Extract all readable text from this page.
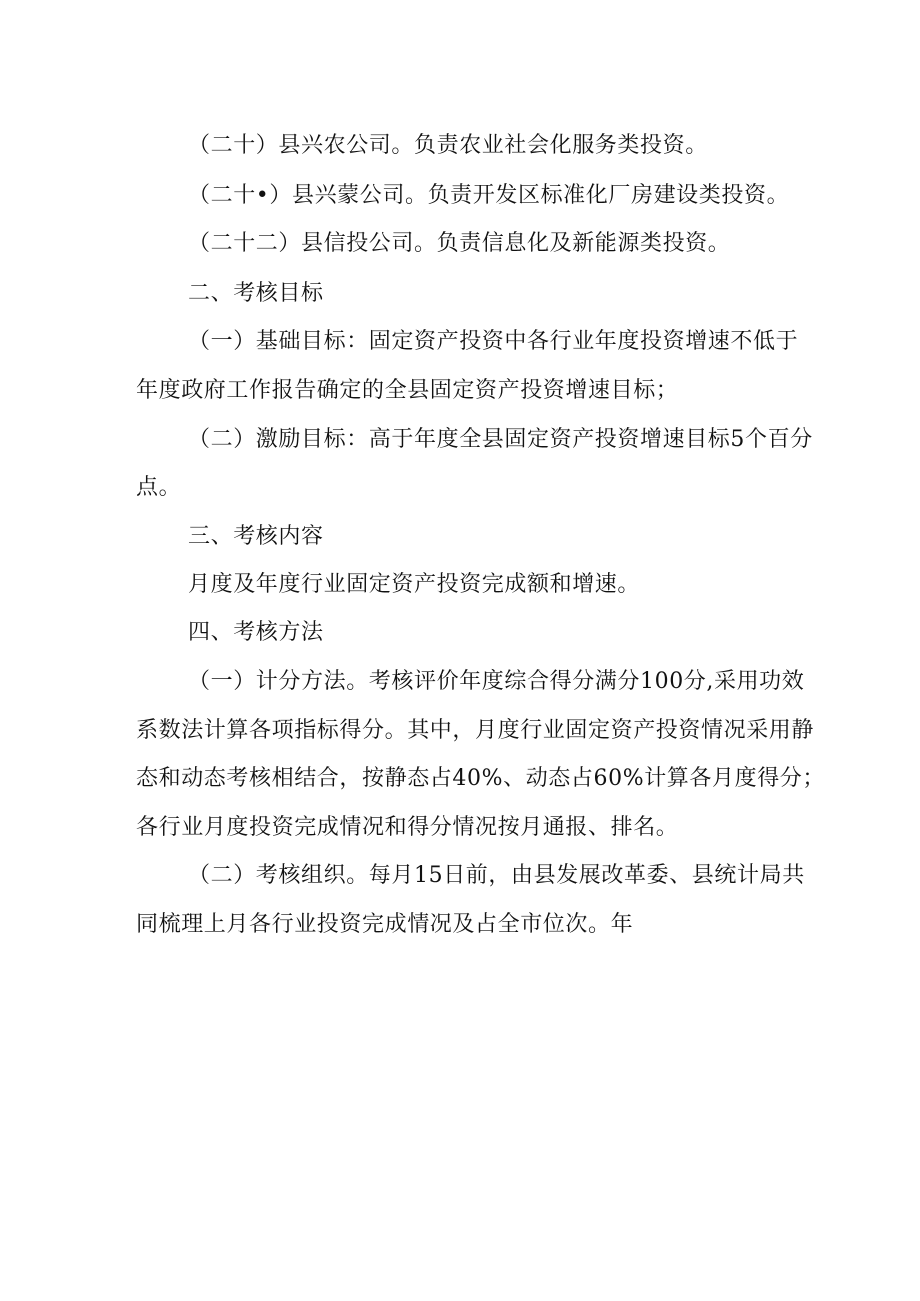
（二十）县兴农公司。负责农业社会化服务类投资。

（二十•）县兴蒙公司。负责开发区标准化厂房建设类投资。

（二十二）县信投公司。负责信息化及新能源类投资。

二、考核目标

（一）基础目标：固定资产投资中各行业年度投资增速不低于

年度政府工作报告确定的全县固定资产投资增速目标；

（二）激励目标：高于年度全县固定资产投资增速目标5个百分

点。

三、考核内容

月度及年度行业固定资产投资完成额和增速。

四、考核方法

（一）计分方法。考核评价年度综合得分满分100分,采用功效

系数法计算各项指标得分。其中，月度行业固定资产投资情况采用静

态和动态考核相结合，按静态占40%、动态占60%计算各月度得分；

各行业月度投资完成情况和得分情况按月通报、排名。

（二）考核组织。每月15日前，由县发展改革委、县统计局共

同梳理上月各行业投资完成情况及占全市位次。年
